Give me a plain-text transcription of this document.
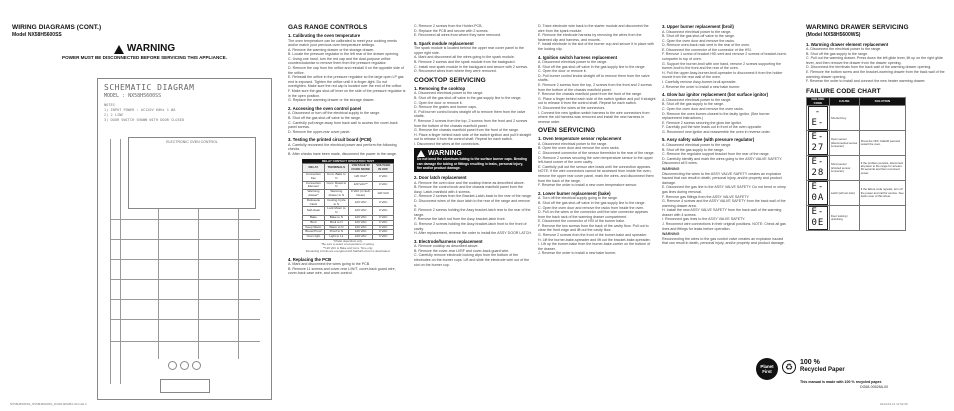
WIRING DIAGRAMS (CONT.)
Model NX58H5600SS
WARNING
POWER MUST BE DISCONNECTED BEFORE SERVICING THIS APPLIANCE.
SCHEMATIC DIAGRAM
MODEL : NX58H5600SS
NOTES
1) INPUT POWER : AC120V 60Hz 1 ØA
2) 2 LINE
3) DOOR SWITCH SHOWN WITH DOOR CLOSED
ELECTRONIC OVEN CONTROL
GAS RANGE CONTROLS
1. Calibrating the oven temperature
The oven temperature can be calibrated to meet your cooking needs and/or match your previous oven temperature settings.
A. Remove the warming drawer or the storage drawer.
B. Locate the pressure regulator in the left rear of the drawer opening.
C. Using one hand, turn the red cap and the dual-purpose orifice counterclockwise to remove them from the pressure regulator.
D. Remove the cap from the orifice and reinstall it on the opposite side of the orifice.
E. Reinstall the orifice in the pressure regulator so the large open LP gas end is exposed. Tighten the orifice until it is finger-tight. Do not overtighten. Make sure the red cap is located over the end of the orifice.
F. Make sure the gas shut-off lever on the side of the pressure regulator is in the open position.
G. Replace the warming drawer or the storage drawer.
2. Accessing the oven control panel
A. Disconnect or turn off the electrical supply to the range.
B. Shut off the gas shut-off valve to the range.
C. Carefully pull range away from back wall to access the cover-back panel screws.
D. Remove the upper-rear cover panel.
3. Testing the printed circuit board (PCB)
A. Carefully reconnect the electrical power and perform the following checks.
B. After checks have been made, disconnect the power to the range.
RELAY CONTACT OPERATION TEST
RELAY	TERMINALS	VOLTAGE IN COOK MODE	VOLTAGE IN OFF
Convection Fan	Conv. Bake to N	120 VAC*	0 VAC
Convection Element	Conv. Roast to N	120 VAC**	0 VAC
Warming drawer*	Warming drawer to N	0 VAC (in Self-Clean)	120 VAC
Rotisserie Clock	Cooling Cycle to N	120 VAC	0 VAC
Self-clean	Lock Motor to N	120 VAC	0 VAC
Bake	Bake to N	120 VAC	0 VAC
Broil	Broil to N	120 VAC	0 VAC
Keep Warm	Warm to N	120 VAC	0 VAC
Bread Proof	Proof to N	120 VAC	0 VAC
Oven light	Light to L1	120 VAC	0 VAC
*Model dependent only.
*Be sure to select a temperature or setting.
**120 VAC to Bake and Conv. Time only.
Remaining circuits are energized with Sabbath circuit is deactivated.
4. Replacing the PCB
A. Mark and disconnect the wires going to the PCB.
B. Remove 11 screws and cover-rear L/W/T, cover-back guard wire, cover-back case wire, and cover-control.
C. Remove 2 screws from the Holder-PCB.
D. Replace the PCB and secure with 2 screws.
E. Reconnect all wires from where they were removed.
5. Spark module replacement
The spark module is located behind the upper rear cover panel to the upper right side.
A. Mark and disconnect all the wires going to the spark module.
B. Remove 2 screws and the spark module from the backguard.
C. Install new spark module in the backguard and secure with 2 screws.
D. Reconnect wires from where they were removed.
COOKTOP SERVICING
1. Removing the cooktop
A. Disconnect electrical power to the range.
B. Shut off the gas shut-off valve in the gas supply line to the range.
C. Open the door or remove it.
D. Remove the grates and burner caps.
E. Pull burner control knobs straight off to remove them from the valve shafts.
F. Remove 2 screws from the top, 2 screws from the front and 2 screws from the bottom of the chassis manifold panel.
G. Remove the chassis manifold panel from the front of the range.
H. Place a finger behind each side of the switch ignition and pull it straight out to release it from the control shaft. Repeat for each switch.
I. Disconnect the wires at the connectors.
WARNING
Do not bend the aluminum tubing to the surface burner caps. Bending can damage the tubing or fittings resulting in leaks, personal injury, fire and/or product damage.
2. Door latch replacement
A. Remove the oven door and the cooktop frame as described above.
B. Remove the control knob and the chassis manifold panel from the Assy. Latch-manifold with 4 screws.
C. Remove 2 screws from the Bracket-Latch-back to the rear of the range.
D. Disconnect wires of the door latch to the rear of the range and remove it.
E. Remove 2 screws holding the Assy bracket-latch rear to the rear of the range.
F. Remove the latch rod from the Assy bracket-latch front.
G. Remove 2 screws holding the Assy bracket-latch front to the front of cavity.
H. After replacement, reverse the order to install the ASSY DOOR LATCH.
3. Electrode/harness replacement
A. Remove cooktop as described above.
B. Remove the cover-rear LI/RF and cover-back guard wire.
C. Carefully remove electrode locking clips from the bottom of the electrodes on the burner cups. Lift and slide the electrode wire out of the slot on the burner cup.
D. Trace electrode wire back to the starter module and disconnect the wire from the spark module.
E. Remove the electrode harness by removing the wires from the fastened clip and harness, and mounts.
F. Install electrode in the slot of the burner cup and secure it in place with the locking clip.
4. Ignition switch harness replacement
A. Disconnect electrical power to the range.
B. Shut off the gas shut-off valve in the gas supply line to the range.
C. Open the door or remove it.
D. Pull burner control knobs straight off to remove them from the valve shafts.
E. Remove 2 screws from the top, 2 screws from the front and 2 screws from the bottom of the chassis manifold panel.
F. Remove the chassis manifold panel from the front of the range.
G. Place a finger behind each side of the switch ignition and pull it straight out to release it from the control shaft. Repeat for each switch.
H. Disconnect the wires at the connectors.
I. Connect the new ignition switch harness to the wire connectors from where the old harness was removed and install the new harness in reverse order.
OVEN SERVICING
1. Oven temperature sensor replacement
A. Disconnect electrical power to the range.
B. Open the oven door and remove the oven racks.
C. Disconnect connector of the sensor thermistor to the rear of the range.
D. Remove 2 screws securing the oven temperature sensor to the upper left-hand corner of the oven cavity.
E. Carefully pull out the sensor wire leads until the connection appears. NOTE: If the wire connectors cannot be accessed from inside the oven, remove the upper rear cover panel, mark the wires, and disconnect them from the back of the range.
F. Reverse the order to install a new oven temperature sensor.
2. Lower burner replacement (bake)
A. Turn off the electrical supply going to the range.
B. Shut off the gas shut-off valve in the gas supply line to the range.
C. Open the oven door and remove the racks from inside the oven.
D. Pull on the wires or the connector until the wire connector appears from the back rack of the warming drawer compartment.
E. Disconnect the connector of HSI of the burner bake.
F. Remove the two screws from the back of the cavity floor. Pull out to clear the front edge and lift out the cavity floor.
G. Remove 2 screws from the front of the burner-bake and spreader.
H. Lift the burner-bake-spreader and lift out the bracket-bake-spreader.
I. Lift up the burner-bake from the burner-bake-carrier on the bottom of the drawer.
J. Reverse the order to install a new bake burner.
3. Upper burner replacement (broil)
A. Disconnect electrical power to the range.
B. Shut off the gas shut-off valve to the range.
C. Open the oven door and remove the racks.
D. Remove oven-back rack vent in the rear of the oven.
E. Disconnect the connector of the connector of the HSI.
F. Remove 1 screw of bracket HSI-vent and remove 2 screws of bracket-burnt-compartm to top of oven.
G. Support the burner-broil with one hand, remove 2 screws supporting the burner-broil to the front and the rear of the oven.
H. Pull the upper Assy-burner-broil-spreader to disconnect it from the holder nozzle from the rear wall of the oven.
I. Carefully remove Assy-burner-broil-spreader.
J. Reverse the order to install a new bake burner.
4. Glow bar ignitor replacement (bot surface ignitor)
A. Disconnect electrical power to the range.
B. Shut off the gas supply to the range.
C. Open the oven door and remove the oven racks.
D. Remove the oven burner-closest to the faulty ignitor. (See burner replacement instructions.)
E. Remove 2 screws securing the glow bar ignitor.
F. Carefully pull the wire leads out in front of the oven opposite.
G. Reconnect new ignitor and reassemble the oven in reverse order.
5. Assy safety valve (with pressure regulator)
A. Disconnect electrical power to the range.
B. Shut off the gas supply to the range.
C. Remove the regulator support bracket from the rear of the range.
D. Carefully identify and mark the wires going to the ASSY VALVE SAFETY. Disconnect all 5 wires.
WARNING
Disconnecting the wires to the ASSY VALVE SAFETY creates an explosion hazard that can result in death, personal injury, and/or property and product damage.
E. Disconnect the gas line to the ASSY VALVE SAFETY. Do not bend or crimp gas lines during removal.
F. Remove gas fittings from the ASSY VALVE SAFETY.
G. Remove 4 screws and the ASSY VALVE SAFETY from the back wall of the warming drawer area.
H. Install the new ASSY VALVE SAFETY from the back wall of the warming drawer with 4 screws.
I. Reconnect gas lines to the ASSY VALVE SAFETY.
J. Reconnect wire connections in their original positions. NOTE: Check all gas lines and fittings for leaks before operation.
WARNING
Reconnecting the wires to the gas control valve creates an explosion hazard that can result in death, personal injury, and/or property and product damage.
Planet
First	♻ 100 %
Recycled Paper
This manual is made with 100 % recycled paper.
DG68-00628A-00
WARMING DRAWER SERVICING
(Model NX58H5600WS)
1. Warming drawer element replacement
A. Disconnect the electrical power to the range.
B. Shut off the gas supply to the range.
C. Pull out the warming drawer. Press down the left glide lever, lift up on the right glide lever, and then remove the drawer from the drawer opening.
D. Disconnect the terminals from the back wall of the warming drawer opening.
E. Remove the bottom screw and the bracket-warming drawer from the back wall of the warming drawer opening.
F. Reverse the order to install and connect the new heater warming drawer.
FAILURE CODE CHART
FAILURE CODE	CAUSE	SOLUTION
-E-	Shorted Key	
E-27	Open sensor (disconnected sensor connector)	Press the OFF CLEAR pad and restart the oven.
E-28	Short sensor (shorted sensor connector)	If the problem persists, disconnect all power to the range for at least 30 seconds and then reconnect power.
E-0A	Latch (will not lock)	If the failure code repeats, turn off the power and call for service. See back cover of this sheet.
E-0E	Door locking / unlocking	
NX58H5600SS_NX58H5600SS_DG68-00628A-00.indd 4	2014-03-12 11:52:35
